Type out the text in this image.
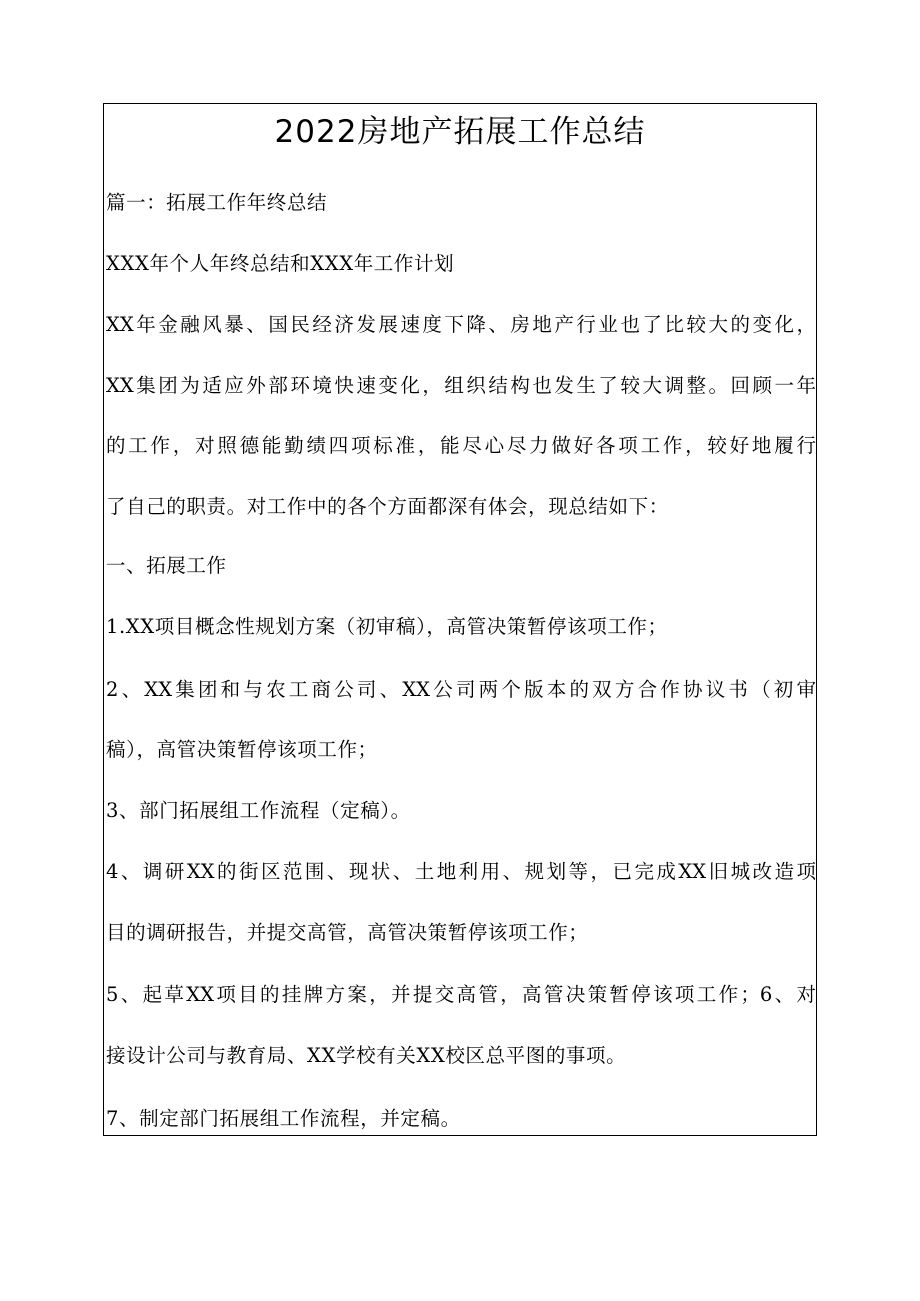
2022房地产拓展工作总结
篇一：拓展工作年终总结
XXX年个人年终总结和XXX年工作计划
XX年金融风暴、国民经济发展速度下降、房地产行业也了比较大的变化，
XX集团为适应外部环境快速变化，组织结构也发生了较大调整。回顾一年
的工作，对照德能勤绩四项标准，能尽心尽力做好各项工作，较好地履行
了自己的职责。对工作中的各个方面都深有体会，现总结如下：
一、拓展工作
1.XX项目概念性规划方案（初审稿），高管决策暂停该项工作；
2、XX集团和与农工商公司、XX公司两个版本的双方合作协议书（初审
稿），高管决策暂停该项工作；
3、部门拓展组工作流程（定稿）。
4、调研XX的街区范围、现状、土地利用、规划等，已完成XX旧城改造项
目的调研报告，并提交高管，高管决策暂停该项工作；
5、起草XX项目的挂牌方案，并提交高管，高管决策暂停该项工作；6、对
接设计公司与教育局、XX学校有关XX校区总平图的事项。
7、制定部门拓展组工作流程，并定稿。
